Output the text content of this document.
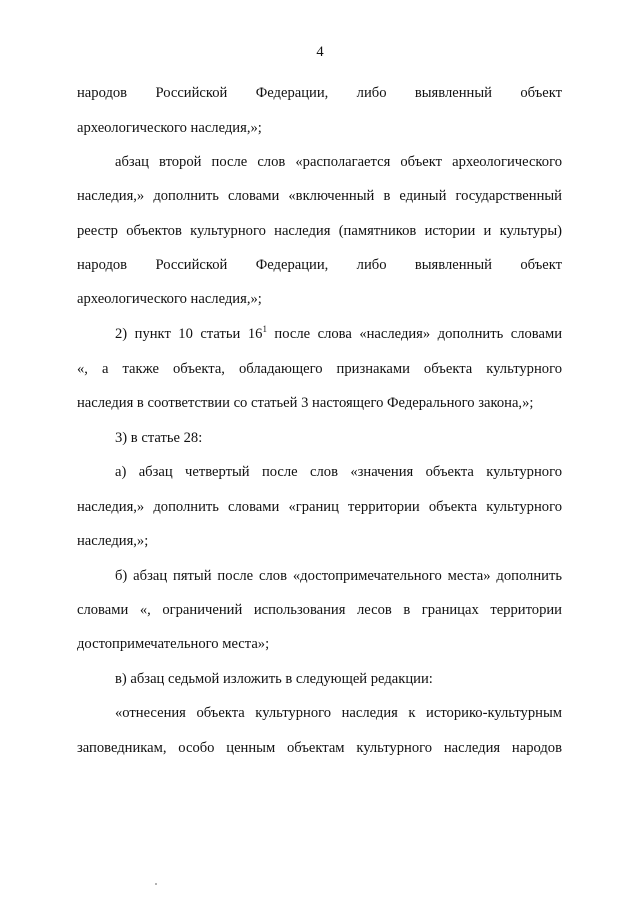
4
народов Российской Федерации, либо выявленный объект
археологического наследия,»;
абзац второй после слов «располагается объект археологического
наследия,» дополнить словами «включенный в единый государственный
реестр объектов культурного наследия (памятников истории и культуры)
народов Российской Федерации, либо выявленный объект
археологического наследия,»;
2) пункт 10 статьи $16^1$ после слова «наследия» дополнить словами
«, а также объекта, обладающего признаками объекта культурного
наследия в соответствии со статьей 3 настоящего Федерального закона,»;
3) в статье 28:
а) абзац четвертый после слов «значения объекта культурного
наследия,» дополнить словами «границ территории объекта культурного
наследия,»;
б) абзац пятый после слов «достопримечательного места» дополнить
словами «, ограничений использования лесов в границах территории
достопримечательного места»;
в) абзац седьмой изложить в следующей редакции:
«отнесения объекта культурного наследия к историко-культурным
заповедникам, особо ценным объектам культурного наследия народов
